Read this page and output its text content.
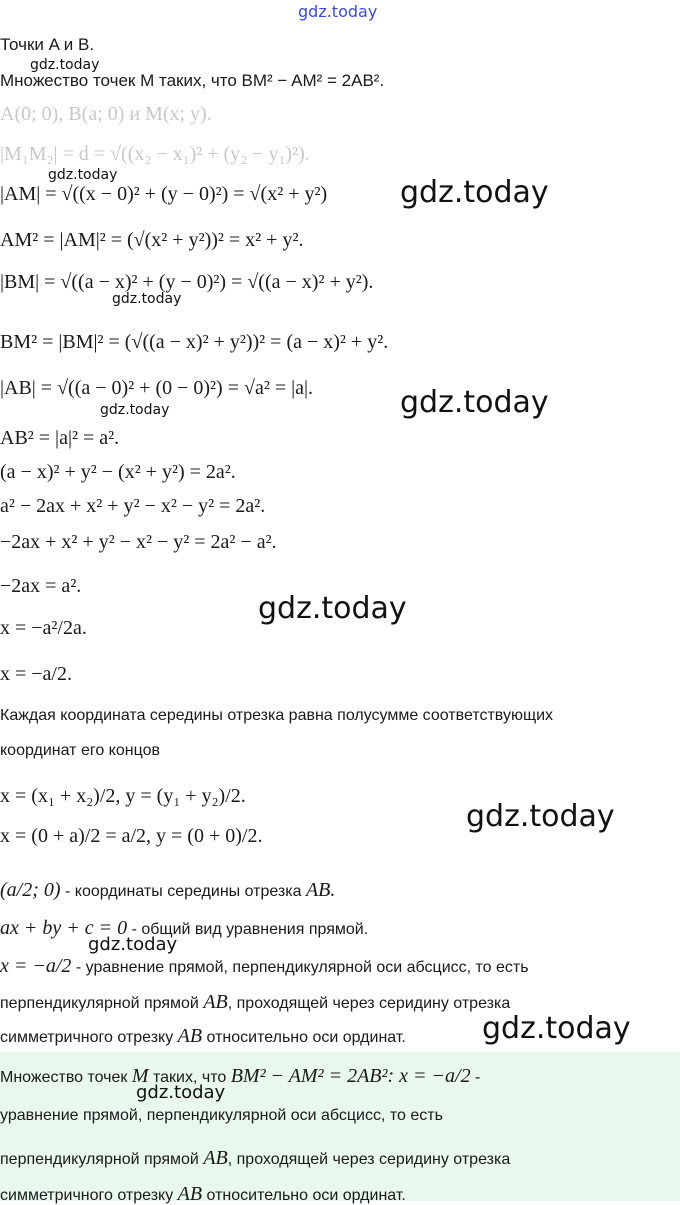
gdz.today
Точки A и B.
gdz.today
Множество точек M таких, что BM² − AM² = 2AB².
A(0; 0), B(a; 0) и M(x; y).
|M₁M₂| = d = √((x₂ − x₁)² + (y₂ − y₁)²).
gdz.today
|AM| = √((x − 0)² + (y − 0)²) = √(x² + y²) gdz.today
AM² = |AM|² = (√(x² + y²))² = x² + y².
|BM| = √((a − x)² + (y − 0)²) = √((a − x)² + y²).
gdz.today
BM² = |BM|² = (√((a − x)² + y²))² = (a − x)² + y².
|AB| = √((a − 0)² + (0 − 0)²) = √a² = |a|.	gdz.today
gdz.today
AB² = |a|² = a².
(a − x)² + y² − (x² + y²) = 2a².
a² − 2ax + x² + y² − x² − y² = 2a².
−2ax + x² + y² − x² − y² = 2a² − a².
−2ax = a².
gdz.today
x = −a²/2a.
x = −a/2.
Каждая координата середины отрезка равна полусумме соответствующих
координат его концов
x = (x₁ + x₂)/2, y = (y₁ + y₂)/2.
gdz.today
x = (0 + a)/2 = a/2, y = (0 + 0)/2.
(a/2; 0) - координаты середины отрезка AB.
ax + by + c = 0 - общий вид уравнения прямой.
gdz.today
x = −a/2 - уравнение прямой, перпендикулярной оси абсцисс, то есть
перпендикулярной прямой AB, проходящей через серидину отрезка
симметричного отрезку AB относительно оси ординат.	gdz.today
Множество точек M таких, что BM² − AM² = 2AB²: x = −a/2 -
gdz.today
уравнение прямой, перпендикулярной оси абсцисс, то есть
перпендикулярной прямой AB, проходящей через серидину отрезка
симметричного отрезку AB относительно оси ординат.
